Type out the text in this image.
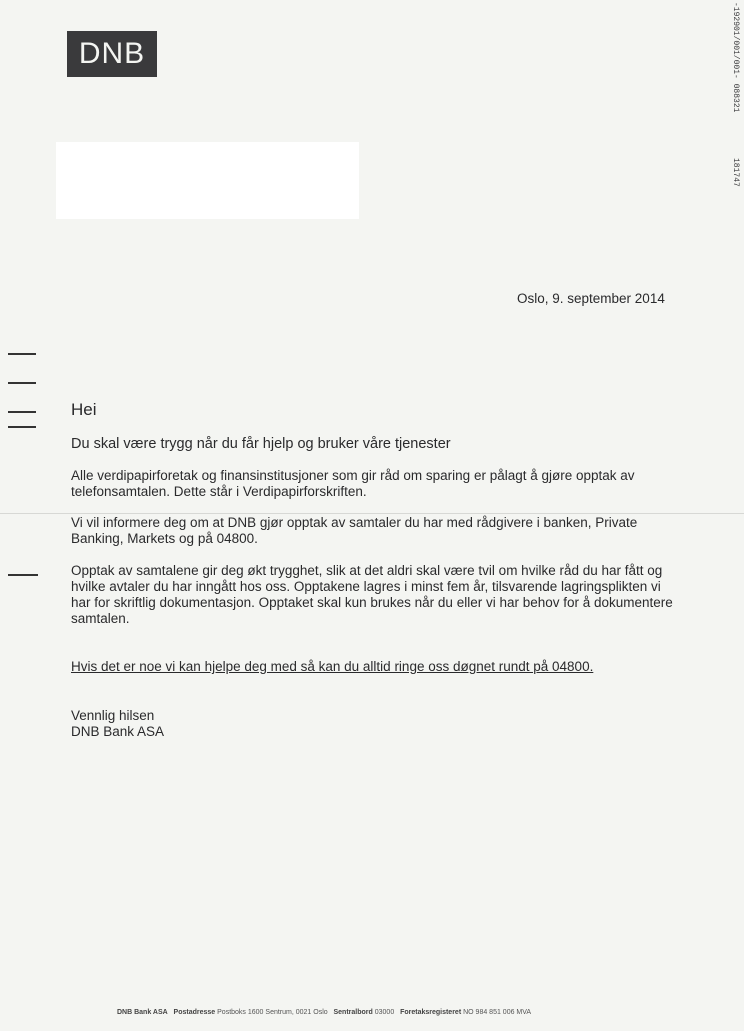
DNB	-192901/001/001- 088321
181747
Oslo, 9. september 2014
Hei
Du skal være trygg når du får hjelp og bruker våre tjenester
Alle verdipapirforetak og finansinstitusjoner som gir råd om sparing er pålagt å gjøre opptak av telefonsamtalen. Dette står i Verdipapirforskriften.
Vi vil informere deg om at DNB gjør opptak av samtaler du har med rådgivere i banken, Private Banking, Markets og på 04800.
Opptak av samtalene gir deg økt trygghet, slik at det aldri skal være tvil om hvilke råd du har fått og hvilke avtaler du har inngått hos oss. Opptakene lagres i minst fem år, tilsvarende lagringsplikten vi har for skriftlig dokumentasjon. Opptaket skal kun brukes når du eller vi har behov for å dokumentere samtalen.
Hvis det er noe vi kan hjelpe deg med så kan du alltid ringe oss døgnet rundt på 04800.
Vennlig hilsen
DNB Bank ASA
DNB Bank ASA Postadresse Postboks 1600 Sentrum, 0021 Oslo Sentralbord 03000 Foretaksregisteret NO 984 851 006 MVA
